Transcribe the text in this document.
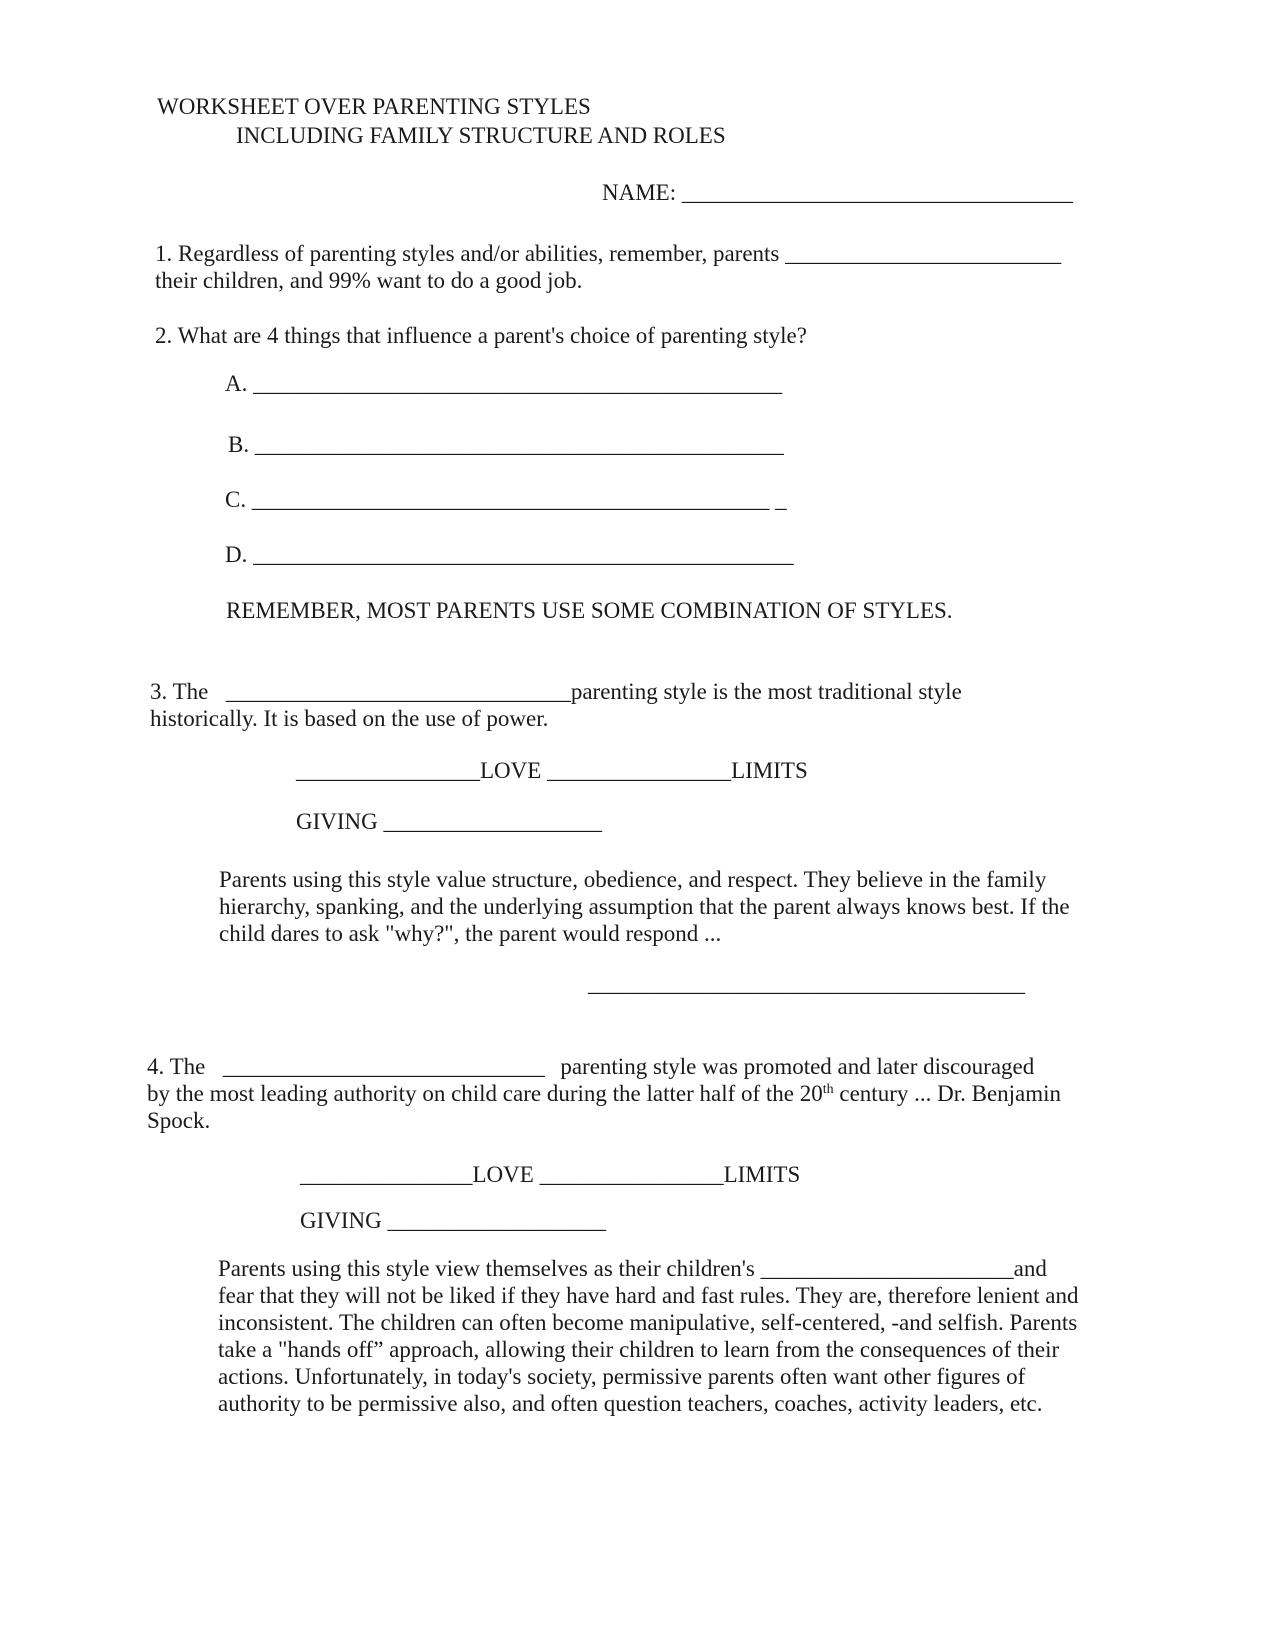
WORKSHEET OVER PARENTING STYLES
INCLUDING FAMILY STRUCTURE AND ROLES
NAME: __________________________________
1. Regardless of parenting styles and/or abilities, remember, parents ________________________
their children, and 99% want to do a good job.
2. What are 4 things that influence a parent's choice of parenting style?
A. ______________________________________________
B. ______________________________________________
C. _____________________________________________ _
D. _______________________________________________
REMEMBER, MOST PARENTS USE SOME COMBINATION OF STYLES.
3. The ______________________________parenting style is the most traditional style
historically. It is based on the use of power.
________________LOVE ________________LIMITS
GIVING ___________________
Parents using this style value structure, obedience, and respect. They believe in the family hierarchy, spanking, and the underlying assumption that the parent always knows best. If the child dares to ask "why?", the parent would respond ...
______________________________________
4. The ____________________________ parenting style was promoted and later discouraged
by the most leading authority on child care during the latter half of the 20th century ... Dr. Benjamin
Spock.
_______________LOVE ________________LIMITS
GIVING ___________________
Parents using this style view themselves as their children's ______________________and
fear that they will not be liked if they have hard and fast rules. They are, therefore lenient and inconsistent. The children can often become manipulative, self-centered, -and selfish. Parents take a "hands off” approach, allowing their children to learn from the consequences of their actions. Unfortunately, in today's society, permissive parents often want other figures of authority to be permissive also, and often question teachers, coaches, activity leaders, etc.
